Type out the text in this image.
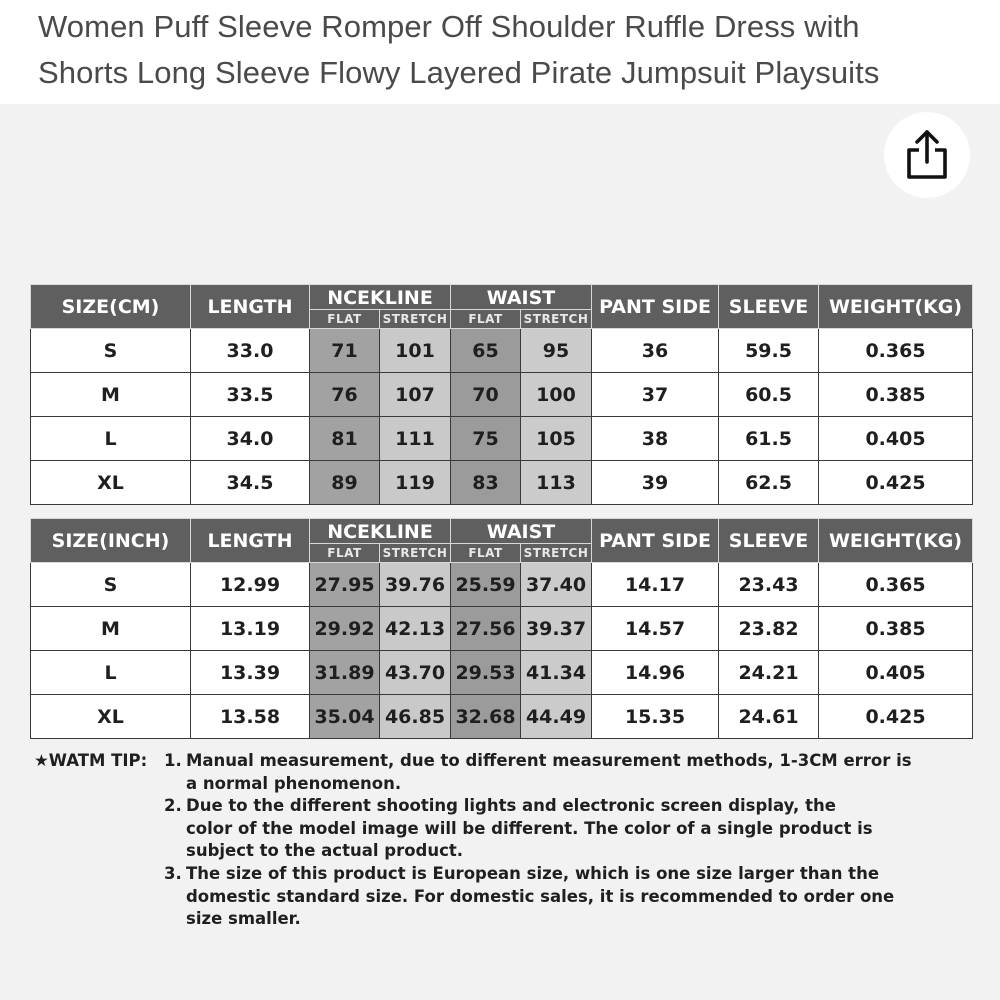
Women Puff Sleeve Romper Off Shoulder Ruffle Dress with
Shorts Long Sleeve Flowy Layered Pirate Jumpsuit Playsuits
SIZE(CM)	LENGTH	NCEKLINE		WAIST		PANT SIDE	SLEEVE	WEIGHT(KG)
		FLAT	STRETCH	FLAT	STRETCH			
S	33.0	71	101	65	95	36	59.5	0.365
M	33.5	76	107	70	100	37	60.5	0.385
L	34.0	81	111	75	105	38	61.5	0.405
XL	34.5	89	119	83	113	39	62.5	0.425
SIZE(INCH)	LENGTH	NCEKLINE		WAIST		PANT SIDE	SLEEVE	WEIGHT(KG)
		FLAT	STRETCH	FLAT	STRETCH			
S	12.99	27.95	39.76	25.59	37.40	14.17	23.43	0.365
M	13.19	29.92	42.13	27.56	39.37	14.57	23.82	0.385
L	13.39	31.89	43.70	29.53	41.34	14.96	24.21	0.405
XL	13.58	35.04	46.85	32.68	44.49	15.35	24.61	0.425
★WATM TIP: 1. Manual measurement, due to different measurement methods, 1-3CM error is a normal phenomenon.
2. Due to the different shooting lights and electronic screen display, the color of the model image will be different. The color of a single product is subject to the actual product.
3. The size of this product is European size, which is one size larger than the domestic standard size. For domestic sales, it is recommended to order one size smaller.
